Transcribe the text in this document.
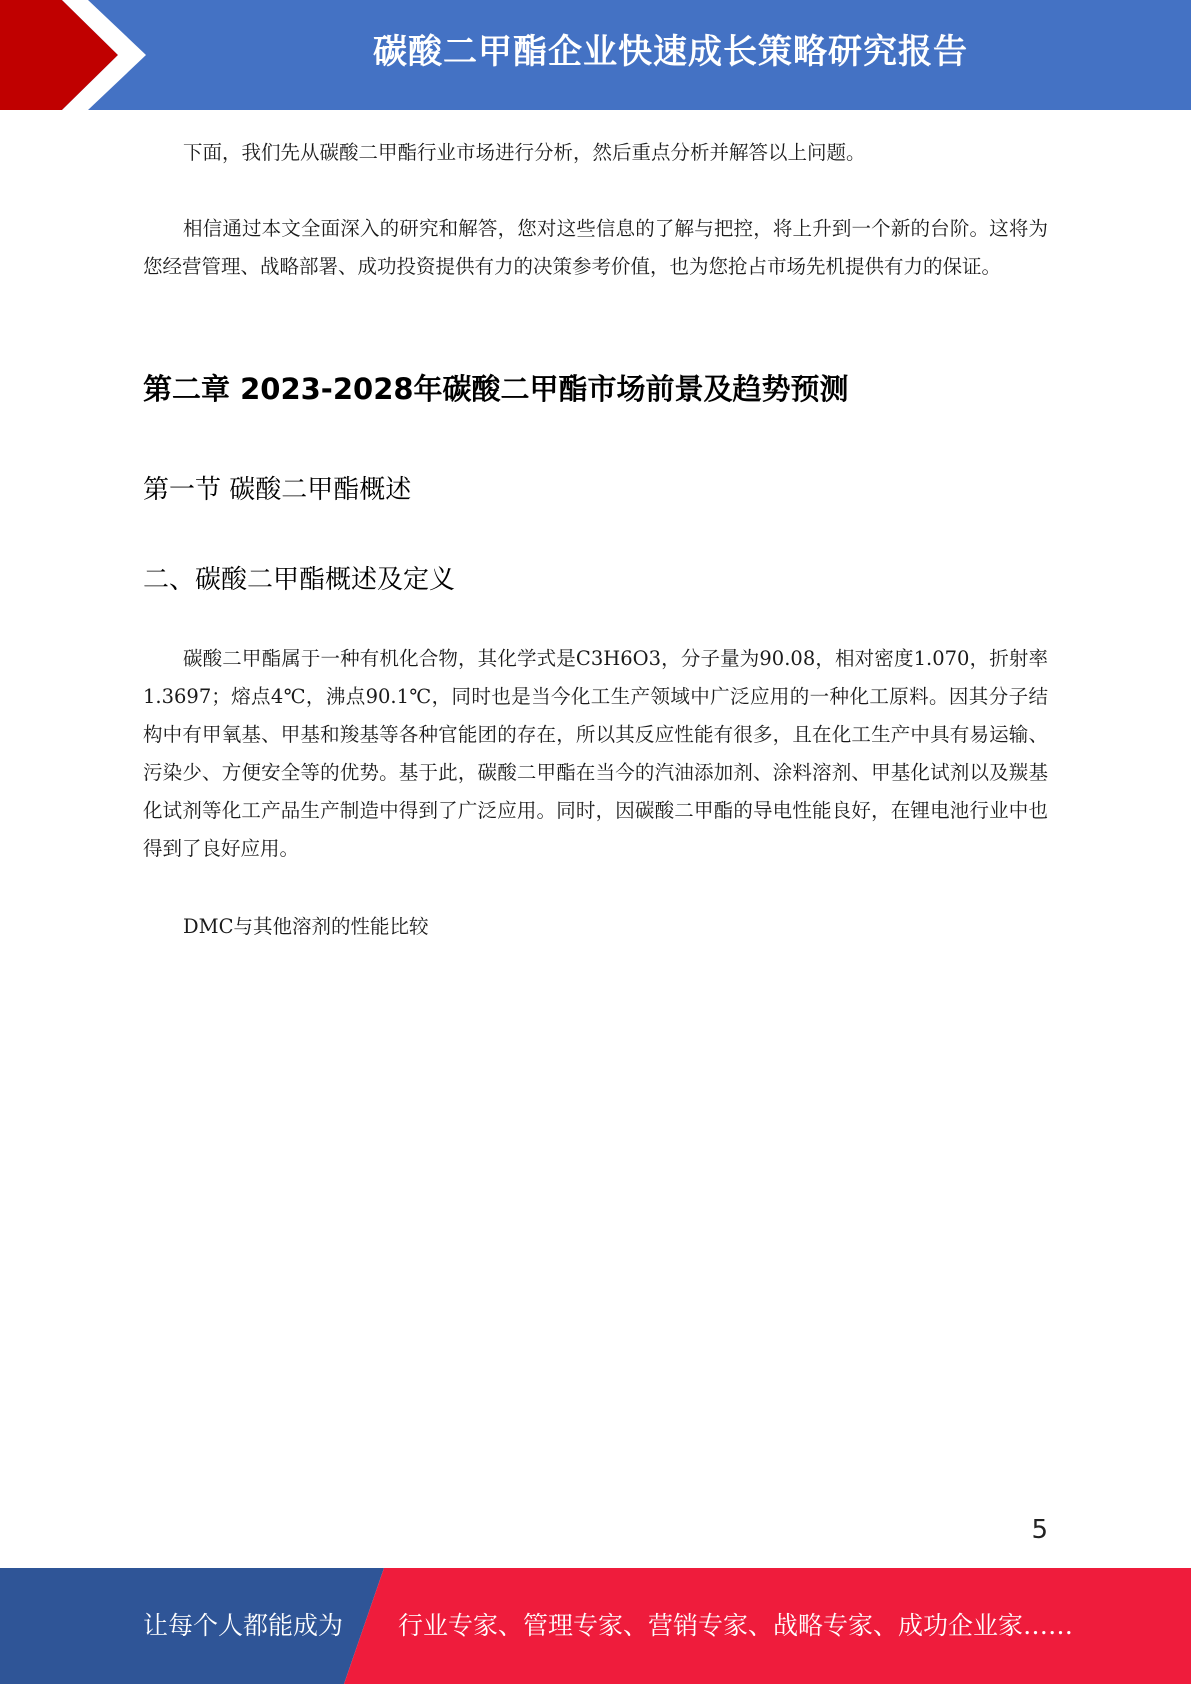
碳酸二甲酯企业快速成长策略研究报告

下面，我们先从碳酸二甲酯行业市场进行分析，然后重点分析并解答以上问题。

相信通过本文全面深入的研究和解答，您对这些信息的了解与把控，将上升到一个新的台阶。这将为您经营管理、战略部署、成功投资提供有力的决策参考价值，也为您抢占市场先机提供有力的保证。

第二章 2023-2028年碳酸二甲酯市场前景及趋势预测
第一节 碳酸二甲酯概述
二、碳酸二甲酯概述及定义

碳酸二甲酯属于一种有机化合物，其化学式是C3H6O3，分子量为90.08，相对密度1.070，折射率1.3697；熔点4℃，沸点90.1℃，同时也是当今化工生产领域中广泛应用的一种化工原料。因其分子结构中有甲氧基、甲基和羧基等各种官能团的存在，所以其反应性能有很多，且在化工生产中具有易运输、污染少、方便安全等的优势。基于此，碳酸二甲酯在当今的汽油添加剂、涂料溶剂、甲基化试剂以及羰基化试剂等化工产品生产制造中得到了广泛应用。同时，因碳酸二甲酯的导电性能良好，在锂电池行业中也得到了良好应用。

DMC与其他溶剂的性能比较

5
让每个人都能成为 行业专家、管理专家、营销专家、战略专家、成功企业家……
